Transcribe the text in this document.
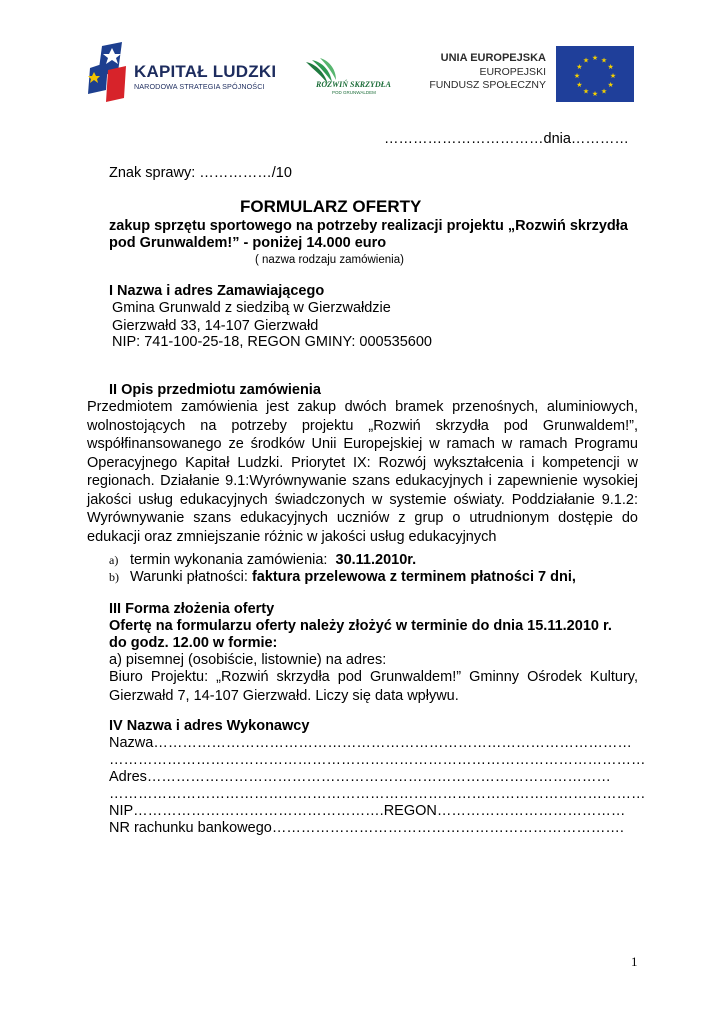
KAPITAŁ LUDZKI
NARODOWA STRATEGIA SPÓJNOŚCI	ROZWIŃ SKRZYDŁA
POD GRUNWALDEM
UNIA EUROPEJSKA
EUROPEJSKI
FUNDUSZ SPOŁECZNY
★ ★
★
★
★
★
★
★
★
★
★
★
……………………………dnia…………
Znak sprawy: ……………/10
FORMULARZ OFERTY
zakup sprzętu sportowego na potrzeby realizacji projektu „Rozwiń skrzydła
pod Grunwaldem!” - poniżej 14.000 euro
( nazwa rodzaju zamówienia)
I Nazwa i adres Zamawiającego
Gmina Grunwald z siedzibą w Gierzwałdzie
Gierzwałd 33, 14-107 Gierzwałd
NIP: 741-100-25-18, REGON GMINY: 000535600
II Opis przedmiotu zamówienia
Przedmiotem zamówienia jest zakup dwóch bramek przenośnych, aluminiowych,
wolnostojących na potrzeby projektu „Rozwiń skrzydła pod Grunwaldem!”,
współfinansowanego ze środków Unii Europejskiej w ramach w ramach Programu
Operacyjnego Kapitał Ludzki. Priorytet IX: Rozwój wykształcenia i kompetencji w
regionach. Działanie 9.1:Wyrównywanie szans edukacyjnych i zapewnienie wysokiej
jakości usług edukacyjnych świadczonych w systemie oświaty. Poddziałanie 9.1.2:
Wyrównywanie szans edukacyjnych uczniów z grup o utrudnionym dostępie do
edukacji oraz zmniejszanie różnic w jakości usług edukacyjnych
a) termin wykonania zamówienia:  30.11.2010r.
b) Warunki płatności: faktura przelewowa z terminem płatności 7 dni,
III Forma złożenia oferty
Ofertę na formularzu oferty należy złożyć w terminie do dnia 15.11.2010 r.
do godz. 12.00 w formie:
a) pisemnej (osobiście, listownie) na adres:
Biuro Projektu: „Rozwiń skrzydła pod Grunwaldem!” Gminny Ośrodek Kultury,
Gierzwałd 7, 14-107 Gierzwałd. Liczy się data wpływu.
IV Nazwa i adres Wykonawcy
Nazwa………………………………………………………………………………………
…………………………………………………………………………………………………
Adres……………………………………………………………………………………
…………………………………………………………………………………………………
NIP…………………………………………….REGON…………………………………
NR rachunku bankowego……………………………………………………………….
1
